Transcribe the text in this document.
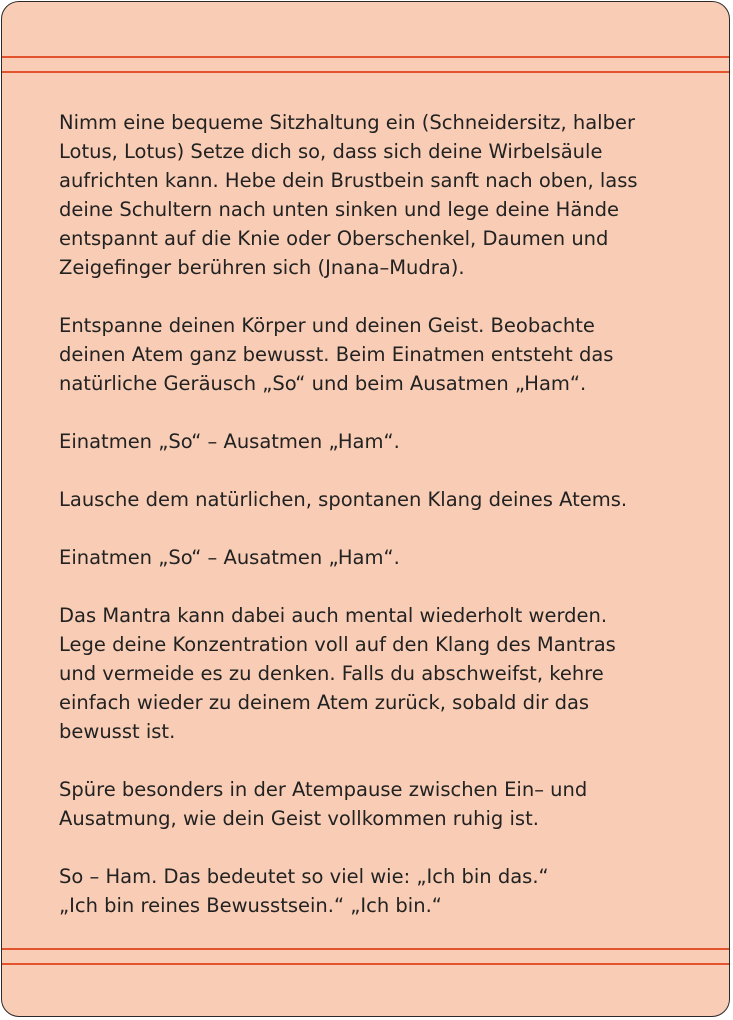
Nimm eine bequeme Sitzhaltung ein (Schneidersitz, halber
Lotus, Lotus) Setze dich so, dass sich deine Wirbelsäule
aufrichten kann. Hebe dein Brustbein sanft nach oben, lass
deine Schultern nach unten sinken und lege deine Hände
entspannt auf die Knie oder Oberschenkel, Daumen und
Zeigefinger berühren sich (Jnana–Mudra).

Entspanne deinen Körper und deinen Geist. Beobachte
deinen Atem ganz bewusst. Beim Einatmen entsteht das
natürliche Geräusch „So“ und beim Ausatmen „Ham“.

Einatmen „So“ – Ausatmen „Ham“.

Lausche dem natürlichen, spontanen Klang deines Atems.

Einatmen „So“ – Ausatmen „Ham“.

Das Mantra kann dabei auch mental wiederholt werden.
Lege deine Konzentration voll auf den Klang des Mantras
und vermeide es zu denken. Falls du abschweifst, kehre
einfach wieder zu deinem Atem zurück, sobald dir das
bewusst ist.

Spüre besonders in der Atempause zwischen Ein– und
Ausatmung, wie dein Geist vollkommen ruhig ist.

So – Ham. Das bedeutet so viel wie: „Ich bin das.“
„Ich bin reines Bewusstsein.“ „Ich bin.“
